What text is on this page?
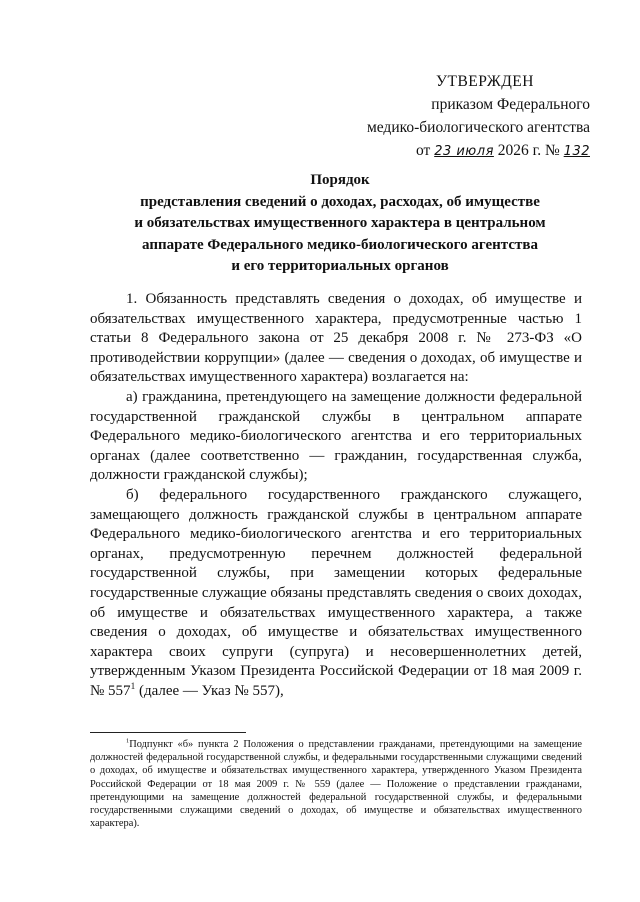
УТВЕРЖДЕН
приказом Федерального
медико-биологического агентства
от 23 июля 2026 г. № 132
Порядок
представления сведений о доходах, расходах, об имуществе
и обязательствах имущественного характера в центральном
аппарате Федерального медико-биологического агентства
и его территориальных органов

1. Обязанность представлять сведения о доходах, об имуществе и обязательствах имущественного характера, предусмотренные частью 1 статьи 8 Федерального закона от 25 декабря 2008 г. № 273-ФЗ «О противодействии коррупции» (далее — сведения о доходах, об имуществе и обязательствах имущественного характера) возлагается на:

а) гражданина, претендующего на замещение должности федеральной государственной гражданской службы в центральном аппарате Федерального медико-биологического агентства и его территориальных органах (далее соответственно — гражданин, государственная служба, должности гражданской службы);

б) федерального государственного гражданского служащего, замещающего должность гражданской службы в центральном аппарате Федерального медико-биологического агентства и его территориальных органах, предусмотренную перечнем должностей федеральной государственной службы, при замещении которых федеральные государственные служащие обязаны представлять сведения о своих доходах, об имуществе и обязательствах имущественного характера, а также сведения о доходах, об имуществе и обязательствах имущественного характера своих супруги (супруга) и несовершеннолетних детей, утвержденным Указом Президента Российской Федерации от 18 мая 2009 г. № $557^1$ (далее — Указ № 557),

$^1$Подпункт «б» пункта 2 Положения о представлении гражданами, претендующими на замещение должностей федеральной государственной службы, и федеральными государственными служащими сведений о доходах, об имуществе и обязательствах имущественного характера, утвержденного Указом Президента Российской Федерации от 18 мая 2009 г. № 559 (далее — Положение о представлении гражданами, претендующими на замещение должностей федеральной государственной службы, и федеральными государственными служащими сведений о доходах, об имуществе и обязательствах имущественного характера).
